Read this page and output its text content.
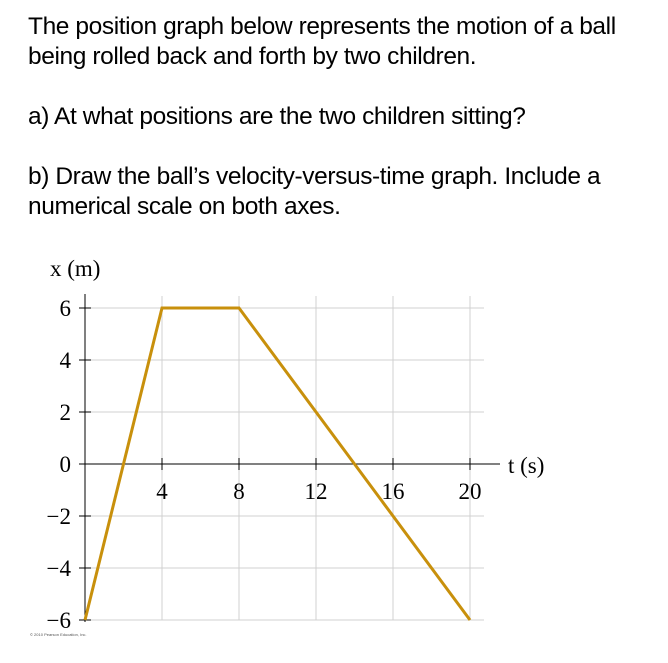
The position graph below represents the motion of a ball being rolled back and forth by two children.

a) At what positions are the two children sitting?

b) Draw the ball’s velocity-versus-time graph. Include a numerical scale on both axes.

6
4
2
0
−2
−4
−6
4	8	12 16 20
x (m)
t (s)
© 2010 Pearson Education, Inc.
